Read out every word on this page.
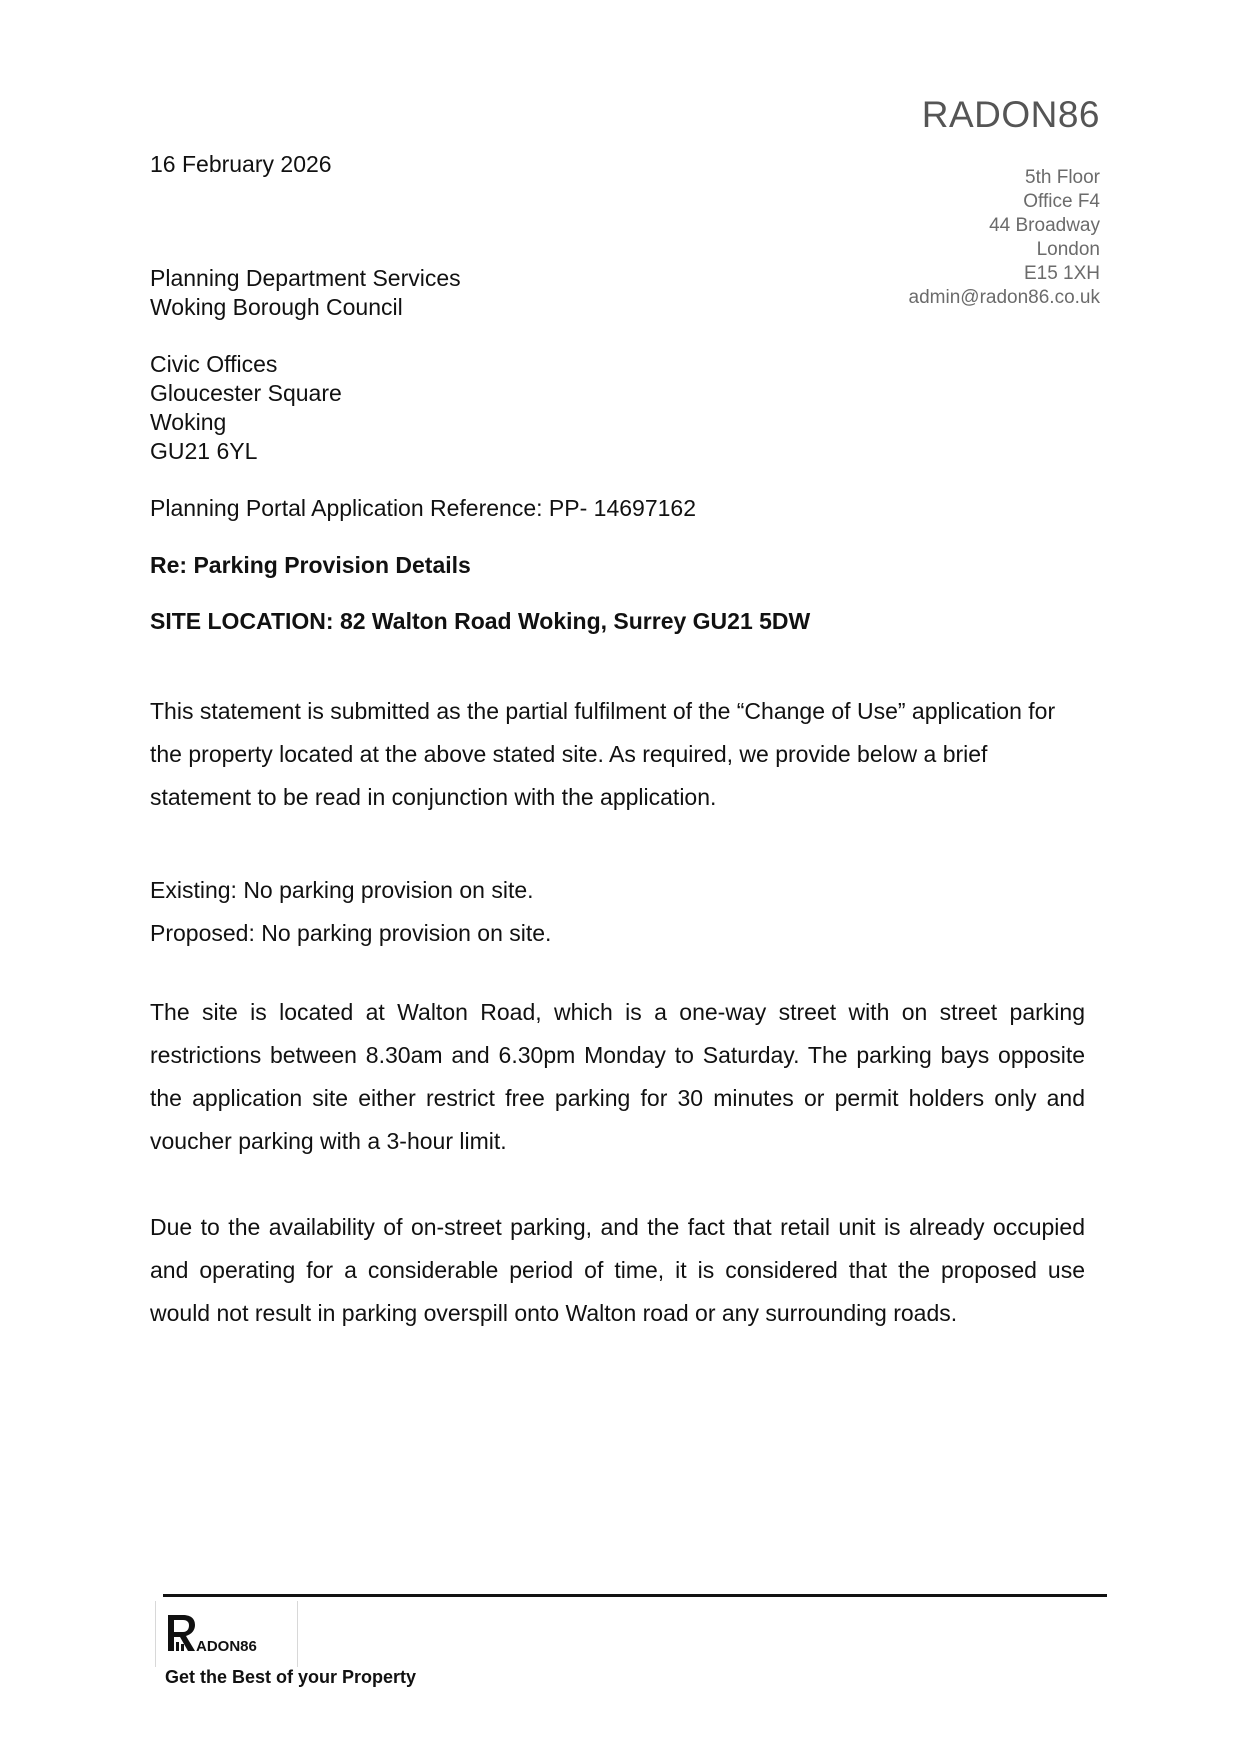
RADON86
5th Floor
Office F4
44 Broadway
London
E15 1XH
admin@radon86.co.uk
16 February 2026
Planning Department Services
Woking Borough Council
Civic Offices
Gloucester Square
Woking
GU21 6YL
Planning Portal Application Reference: PP- 14697162
Re: Parking Provision Details
SITE LOCATION: 82 Walton Road Woking, Surrey GU21 5DW
This statement is submitted as the partial fulfilment of the “Change of Use” application for the property located at the above stated site. As required, we provide below a brief statement to be read in conjunction with the application.
Existing: No parking provision on site.
Proposed: No parking provision on site.
The site is located at Walton Road, which is a one-way street with on street parking restrictions between 8.30am and 6.30pm Monday to Saturday. The parking bays opposite the application site either restrict free parking for 30 minutes or permit holders only and voucher parking with a 3-hour limit.
Due to the availability of on-street parking, and the fact that retail unit is already occupied and operating for a considerable period of time, it is considered that the proposed use would not result in parking overspill onto Walton road or any surrounding roads.
ADON86
Get the Best of your Property
